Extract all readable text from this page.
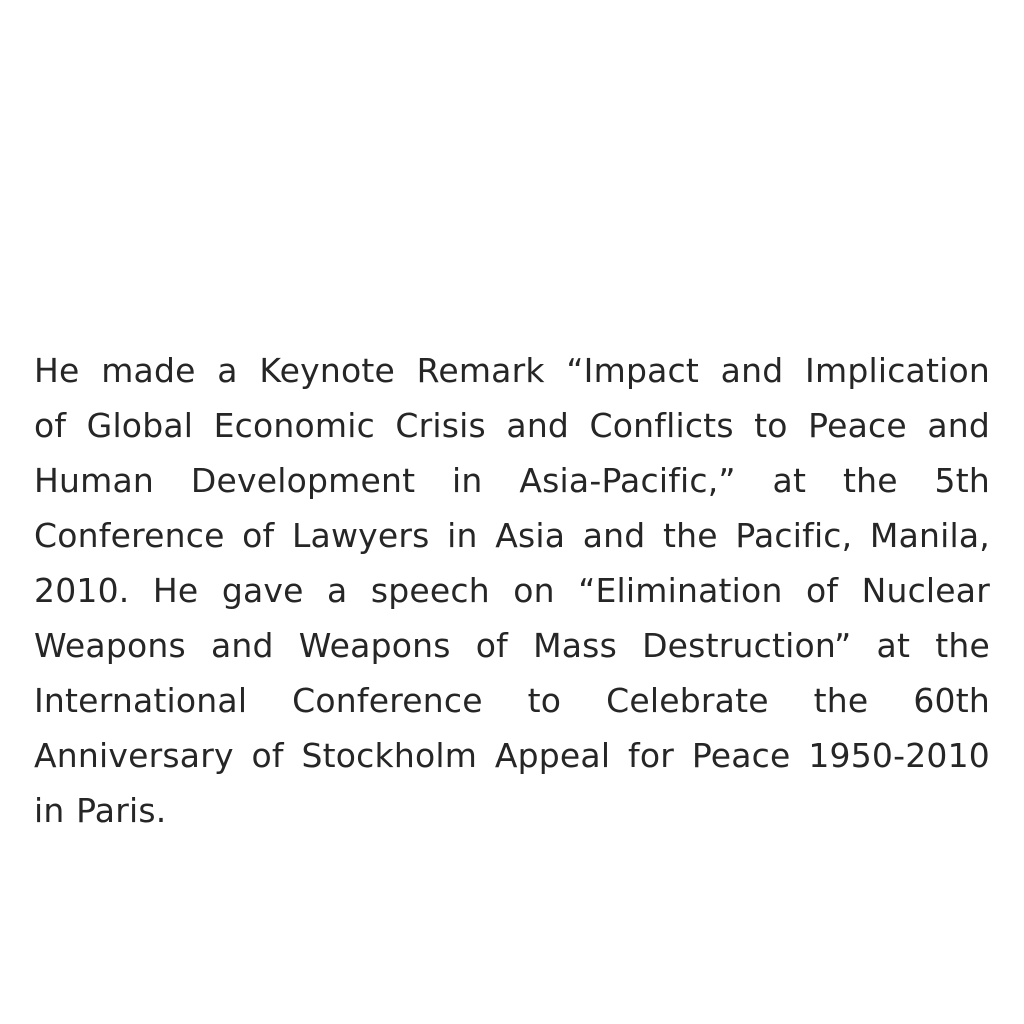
He made a Keynote Remark “Impact and Implication
of Global Economic Crisis and Conflicts to Peace and
Human Development in Asia-Pacific,” at the 5th
Conference of Lawyers in Asia and the Pacific, Manila,
2010. He gave a speech on “Elimination of Nuclear
Weapons and Weapons of Mass Destruction” at the
International Conference to Celebrate the 60th
Anniversary of Stockholm Appeal for Peace 1950-2010
in Paris.
